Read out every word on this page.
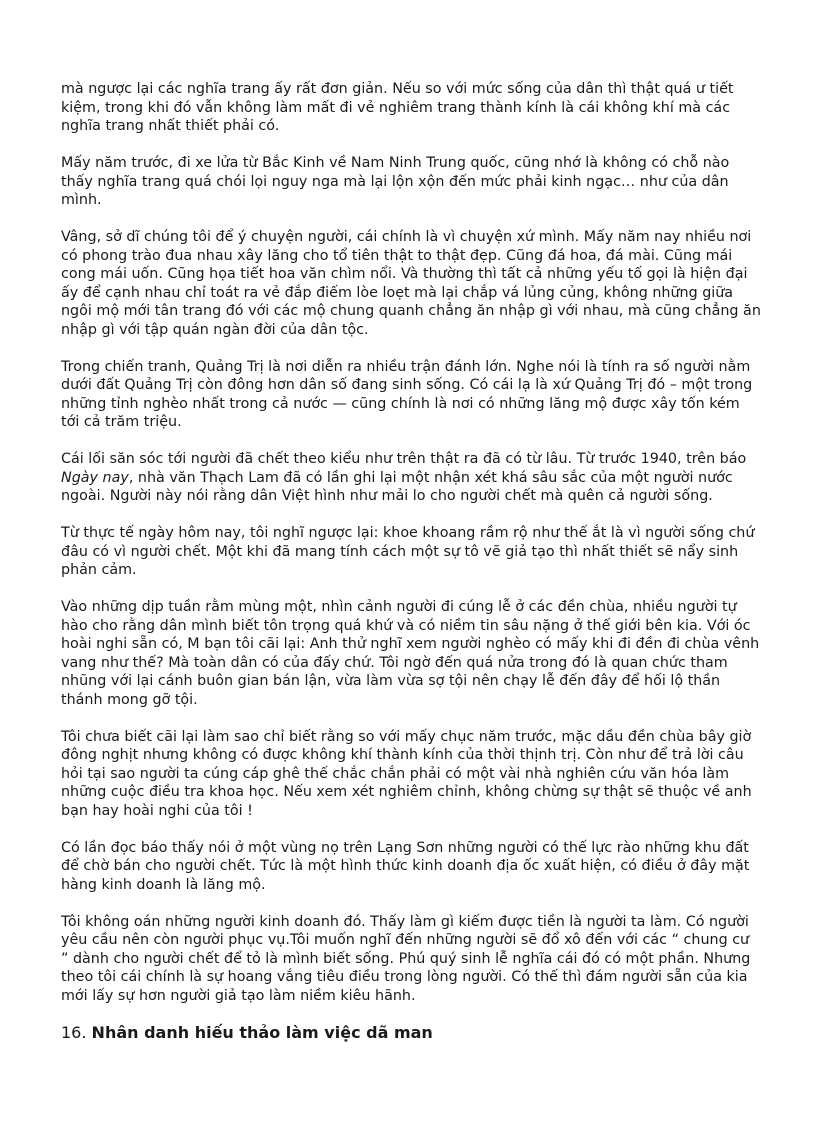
mà ngược lại các nghĩa trang ấy rất đơn giản. Nếu so với mức sống của dân thì thật quá ư tiết kiệm, trong khi đó vẫn không làm mất đi vẻ nghiêm trang thành kính là cái không khí mà các nghĩa trang nhất thiết phải có.

Mấy năm trước, đi xe lửa từ Bắc Kinh về Nam Ninh Trung quốc, cũng nhớ là không có chỗ nào thấy nghĩa trang quá chói lọi nguy nga mà lại lộn xộn đến mức phải kinh ngạc… như của dân mình.

Vâng, sở dĩ chúng tôi để ý chuyện người, cái chính là vì chuyện xứ mình. Mấy năm nay nhiều nơi có phong trào đua nhau xây lăng cho tổ tiên thật to thật đẹp. Cũng đá hoa, đá mài. Cũng mái cong mái uốn. Cũng họa tiết hoa văn chìm nổi. Và thường thì tất cả những yếu tố gọi là hiện đại ấy để cạnh nhau chỉ toát ra vẻ đắp điếm lòe loẹt mà lại chắp vá lủng củng, không những giữa ngôi mộ mới tân trang đó với các mộ chung quanh chẳng ăn nhập gì với nhau, mà cũng chẳng ăn nhập gì với tập quán ngàn đời của dân tộc.

Trong chiến tranh, Quảng Trị là nơi diễn ra nhiều trận đánh lớn. Nghe nói là tính ra số người nằm dưới đất Quảng Trị còn đông hơn dân số đang sinh sống. Có cái lạ là xứ Quảng Trị đó – một trong những tỉnh nghèo nhất trong cả nước — cũng chính là nơi có những lăng mộ được xây tốn kém tới cả trăm triệu.

Cái lối săn sóc tới người đã chết theo kiểu như trên thật ra đã có từ lâu. Từ trước 1940, trên báo Ngày nay, nhà văn Thạch Lam đã có lần ghi lại một nhận xét khá sâu sắc của một người nước ngoài. Người này nói rằng dân Việt hình như mải lo cho người chết mà quên cả người sống.

Từ thực tế ngày hôm nay, tôi nghĩ ngược lại: khoe khoang rầm rộ như thế ắt là vì người sống chứ đâu có vì người chết. Một khi đã mang tính cách một sự tô vẽ giả tạo thì nhất thiết sẽ nẩy sinh phản cảm.

Vào những dịp tuần rằm mùng một, nhìn cảnh người đi cúng lễ ở các đền chùa, nhiều người tự hào cho rằng dân mình biết tôn trọng quá khứ và có niềm tin sâu nặng ở thế giới bên kia. Với óc hoài nghi sẵn có, M bạn tôi cãi lại: Anh thử nghĩ xem người nghèo có mấy khi đi đền đi chùa vênh vang như thế? Mà toàn dân có của đấy chứ. Tôi ngờ đến quá nửa trong đó là quan chức tham nhũng với lại cánh buôn gian bán lận, vừa làm vừa sợ tội nên chạy lễ đến đây để hối lộ thần thánh mong gỡ tội.

Tôi chưa biết cãi lại làm sao chỉ biết rằng so với mấy chục năm trước, mặc dầu đền chùa bây giờ đông nghịt nhưng không có được không khí thành kính của thời thịnh trị. Còn như để trả lời câu hỏi tại sao người ta cúng cáp ghê thế chắc chắn phải có một vài nhà nghiên cứu văn hóa làm những cuộc điều tra khoa học. Nếu xem xét nghiêm chỉnh, không chừng sự thật sẽ thuộc về anh bạn hay hoài nghi của tôi !

Có lần đọc báo thấy nói ở một vùng nọ trên Lạng Sơn những người có thế lực rào những khu đất để chờ bán cho người chết. Tức là một hình thức kinh doanh địa ốc xuất hiện, có điều ở đây mặt hàng kinh doanh là lăng mộ.

Tôi không oán những người kinh doanh đó. Thấy làm gì kiếm được tiền là người ta làm. Có người yêu cầu nên còn người phục vụ.Tôi muốn nghĩ đến những người sẽ đổ xô đến với các “ chung cư ” dành cho người chết để tỏ là mình biết sống. Phú quý sinh lễ nghĩa cái đó có một phần. Nhưng theo tôi cái chính là sự hoang vắng tiêu điều trong lòng người. Có thế thì đám người sẵn của kia mới lấy sự hơn người giả tạo làm niềm kiêu hãnh.

16. Nhân danh hiếu thảo làm việc dã man
